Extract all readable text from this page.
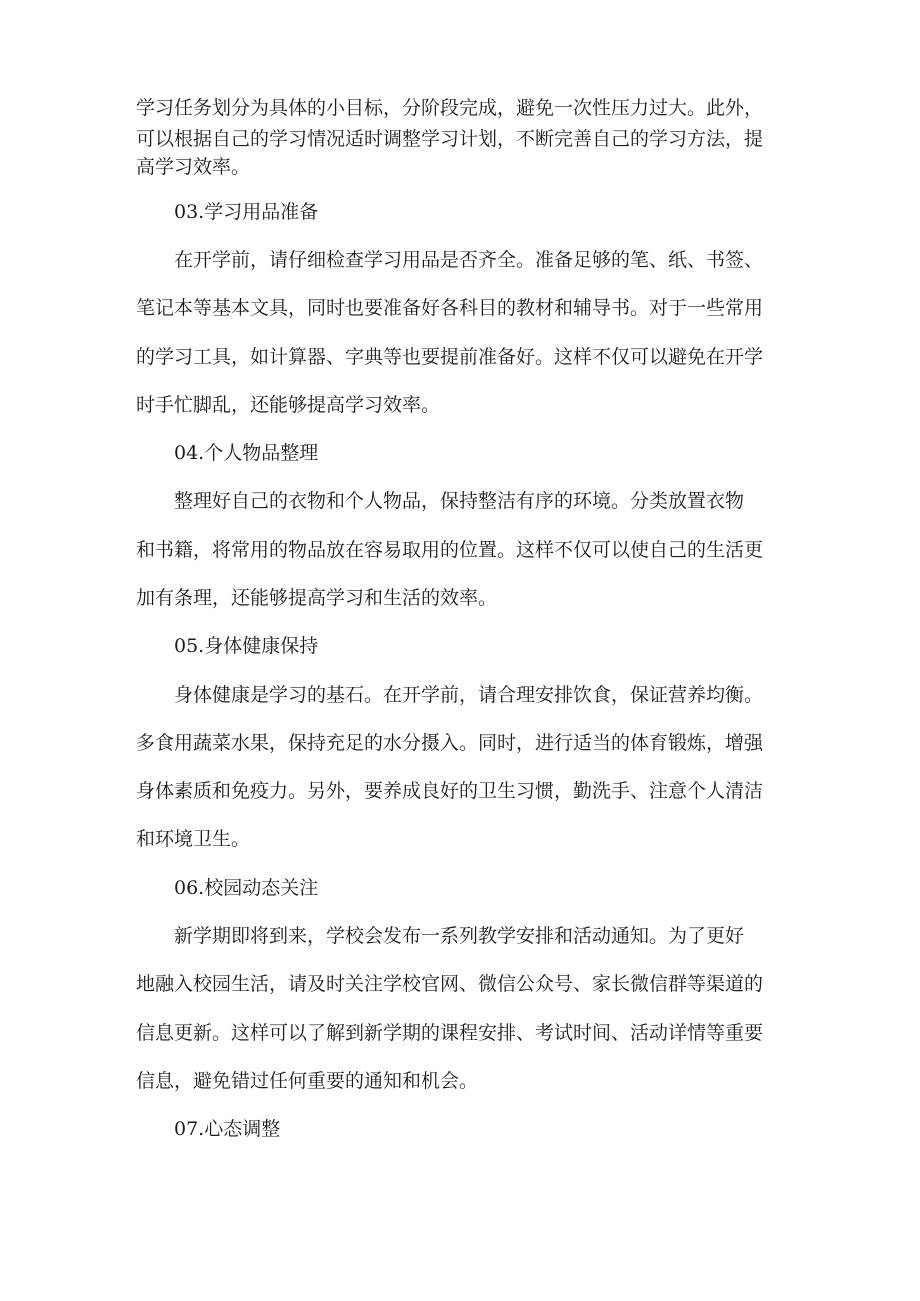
学习任务划分为具体的小目标，分阶段完成，避免一次性压力过大。此外，
可以根据自己的学习情况适时调整学习计划，不断完善自己的学习方法，提
高学习效率。
03.学习用品准备
在开学前，请仔细检查学习用品是否齐全。准备足够的笔、纸、书签、
笔记本等基本文具，同时也要准备好各科目的教材和辅导书。对于一些常用
的学习工具，如计算器、字典等也要提前准备好。这样不仅可以避免在开学
时手忙脚乱，还能够提高学习效率。
04.个人物品整理
整理好自己的衣物和个人物品，保持整洁有序的环境。分类放置衣物
和书籍，将常用的物品放在容易取用的位置。这样不仅可以使自己的生活更
加有条理，还能够提高学习和生活的效率。
05.身体健康保持
身体健康是学习的基石。在开学前，请合理安排饮食，保证营养均衡。
多食用蔬菜水果，保持充足的水分摄入。同时，进行适当的体育锻炼，增强
身体素质和免疫力。另外，要养成良好的卫生习惯，勤洗手、注意个人清洁
和环境卫生。
06.校园动态关注
新学期即将到来，学校会发布一系列教学安排和活动通知。为了更好
地融入校园生活，请及时关注学校官网、微信公众号、家长微信群等渠道的
信息更新。这样可以了解到新学期的课程安排、考试时间、活动详情等重要
信息，避免错过任何重要的通知和机会。
07.心态调整
